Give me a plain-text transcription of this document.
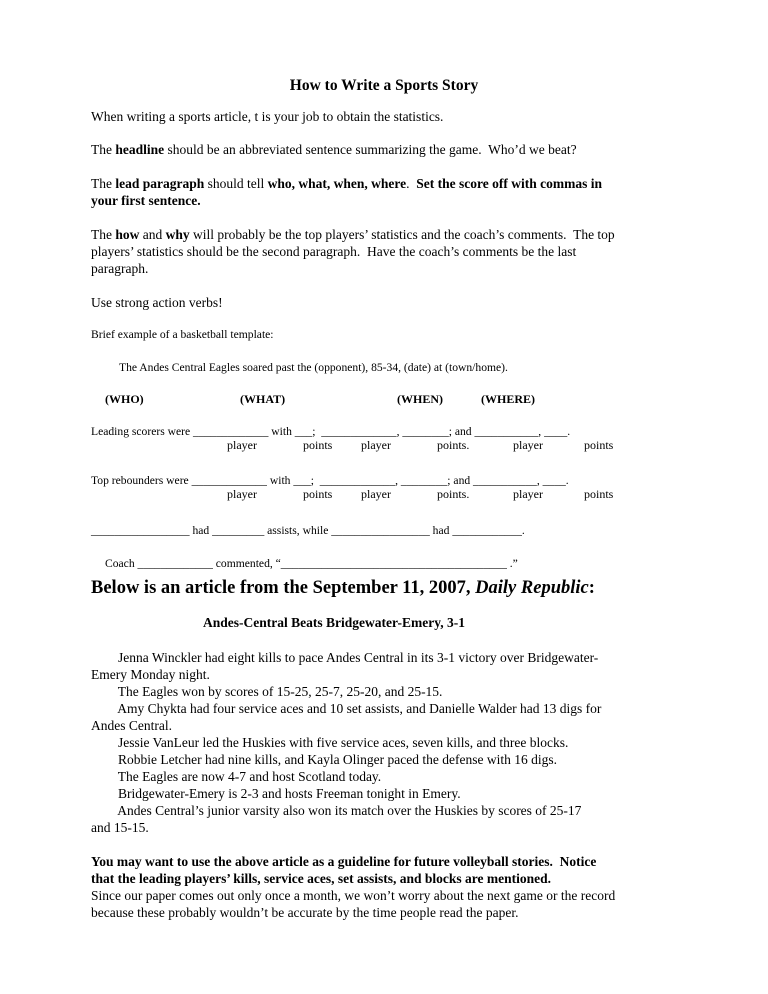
How to Write a Sports Story

When writing a sports article, t is your job to obtain the statistics.

The headline should be an abbreviated sentence summarizing the game.  Who’d we beat?

The lead paragraph should tell who, what, when, where.  Set the score off with commas in

your first sentence.

The how and why will probably be the top players’ statistics and the coach’s comments.  The top

players’ statistics should be the second paragraph.  Have the coach’s comments be the last

paragraph.

Use strong action verbs!

Brief example of a basketball template:

The Andes Central Eagles soared past the (opponent), 85-34, (date) at (town/home).

(WHO)	(WHAT)	(WHEN)	(WHERE)

Leading scorers were _____________ with ___;  _____________, ________; and ___________, ____.

player	points player	points.	player	points

Top rebounders were _____________ with ___;  _____________, ________; and ___________, ____.

player	points player	points.	player	points

_________________ had _________ assists, while _________________ had ____________.

Coach _____________ commented, “_______________________________________ .”

Below is an article from the September 11, 2007, Daily Republic:

Andes-Central Beats Bridgewater-Emery, 3-1

Jenna Winckler had eight kills to pace Andes Central in its 3-1 victory over Bridgewater-

Emery Monday night.

The Eagles won by scores of 15-25, 25-7, 25-20, and 25-15.

Amy Chykta had four service aces and 10 set assists, and Danielle Walder had 13 digs for

Andes Central.

Jessie VanLeur led the Huskies with five service aces, seven kills, and three blocks.

Robbie Letcher had nine kills, and Kayla Olinger paced the defense with 16 digs.

The Eagles are now 4-7 and host Scotland today.

Bridgewater-Emery is 2-3 and hosts Freeman tonight in Emery.

Andes Central’s junior varsity also won its match over the Huskies by scores of 25-17

and 15-15.

You may want to use the above article as a guideline for future volleyball stories.  Notice

that the leading players’ kills, service aces, set assists, and blocks are mentioned.

Since our paper comes out only once a month, we won’t worry about the next game or the record

because these probably wouldn’t be accurate by the time people read the paper.
